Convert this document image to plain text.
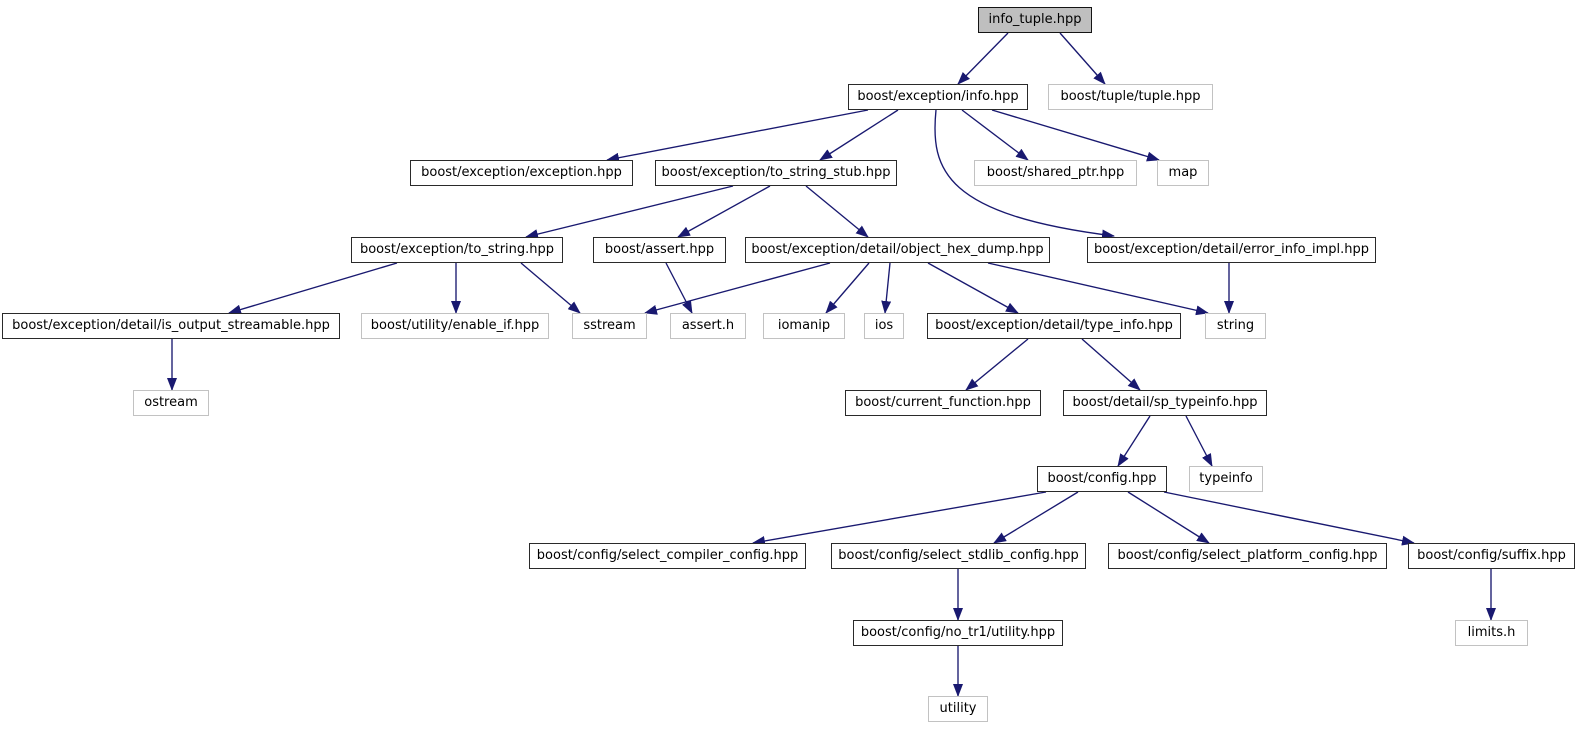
info_tuple.hpp
boost/exception/info.hpp	boost/tuple/tuple.hpp
boost/exception/exception.hpp	boost/exception/to_string_stub.hpp	boost/shared_ptr.hpp	map
boost/exception/to_string.hpp	boost/assert.hpp	boost/exception/detail/object_hex_dump.hpp	boost/exception/detail/error_info_impl.hpp
boost/exception/detail/is_output_streamable.hpp	boost/utility/enable_if.hpp	sstream	assert.h	iomanip	ios	boost/exception/detail/type_info.hpp	string
ostream	boost/current_function.hpp	boost/detail/sp_typeinfo.hpp
boost/config.hpp	typeinfo
boost/config/select_compiler_config.hpp	boost/config/select_stdlib_config.hpp	boost/config/select_platform_config.hpp	boost/config/suffix.hpp
boost/config/no_tr1/utility.hpp	limits.h
utility
